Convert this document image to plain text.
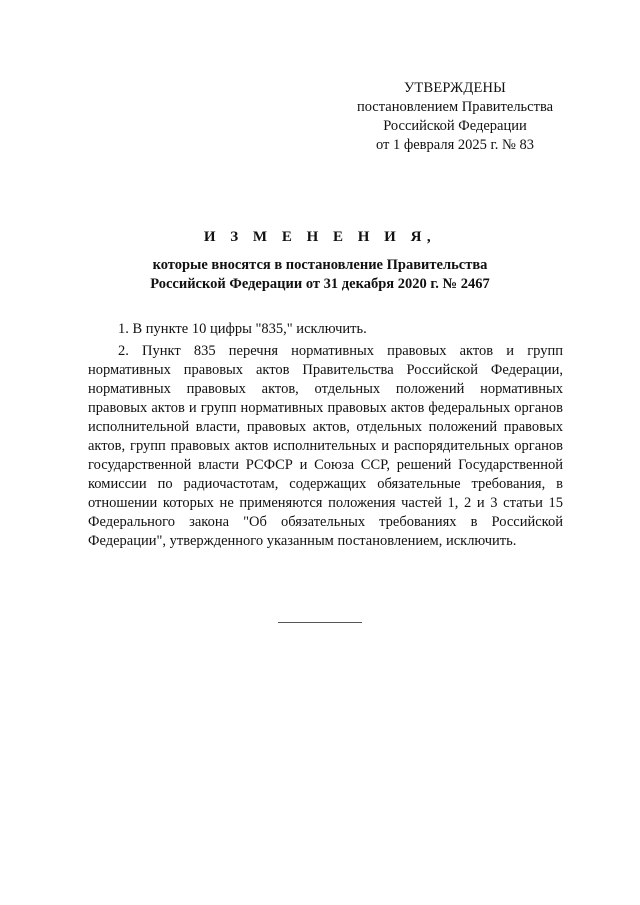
УТВЕРЖДЕНЫ
постановлением Правительства
Российской Федерации
от 1 февраля 2025 г. № 83
И З М Е Н Е Н И Я,
которые вносятся в постановление Правительства
Российской Федерации от 31 декабря 2020 г. № 2467

1. В пункте 10 цифры "835," исключить.

2. Пункт 835 перечня нормативных правовых актов и групп нормативных правовых актов Правительства Российской Федерации, нормативных правовых актов, отдельных положений нормативных правовых актов и групп нормативных правовых актов федеральных органов исполнительной власти, правовых актов, отдельных положений правовых актов, групп правовых актов исполнительных и распорядительных органов государственной власти РСФСР и Союза ССР, решений Государственной комиссии по радиочастотам, содержащих обязательные требования, в отношении которых не применяются положения частей 1, 2 и 3 статьи 15 Федерального закона "Об обязательных требованиях в Российской Федерации", утвержденного указанным постановлением, исключить.
